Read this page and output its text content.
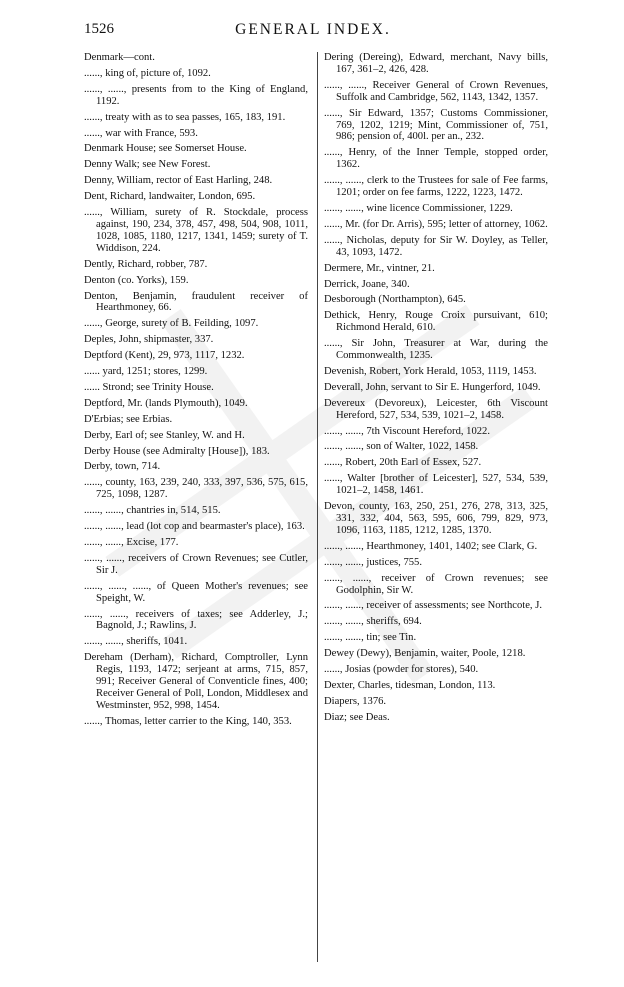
1526	GENERAL INDEX.

Denmark—cont.

......, king of, picture of, 1092.

......, ......, presents from to the King of England, 1192.

......, treaty with as to sea passes, 165, 183, 191.

......, war with France, 593.

Denmark House; see Somerset House.

Denny Walk; see New Forest.

Denny, William, rector of East Harling, 248.

Dent, Richard, landwaiter, London, 695.

......, William, surety of R. Stockdale, process against, 190, 234, 378, 457, 498, 504, 908, 1011, 1028, 1085, 1180, 1217, 1341, 1459; surety of T. Widdison, 224.

Dently, Richard, robber, 787.

Denton (co. Yorks), 159.

Denton, Benjamin, fraudulent receiver of Hearthmoney, 66.

......, George, surety of B. Feilding, 1097.

Deples, John, shipmaster, 337.

Deptford (Kent), 29, 973, 1117, 1232.

...... yard, 1251; stores, 1299.

...... Strond; see Trinity House.

Deptford, Mr. (lands Plymouth), 1049.

D'Erbias; see Erbias.

Derby, Earl of; see Stanley, W. and H.

Derby House (see Admiralty [House]), 183.

Derby, town, 714.

......, county, 163, 239, 240, 333, 397, 536, 575, 615, 725, 1098, 1287.

......, ......, chantries in, 514, 515.

......, ......, lead (lot cop and bearmaster's place), 163.

......, ......, Excise, 177.

......, ......, receivers of Crown Revenues; see Cutler, Sir J.

......, ......, ......, of Queen Mother's revenues; see Speight, W.

......, ......, receivers of taxes; see Adderley, J.; Bagnold, J.; Rawlins, J.

......, ......, sheriffs, 1041.

Dereham (Derham), Richard, Comptroller, Lynn Regis, 1193, 1472; serjeant at arms, 715, 857, 991; Receiver General of Conventicle fines, 400; Receiver General of Poll, London, Middlesex and Westminster, 952, 998, 1454.

......, Thomas, letter carrier to the King, 140, 353.

Dering (Dereing), Edward, merchant, Navy bills, 167, 361–2, 426, 428.

......, ......, Receiver General of Crown Revenues, Suffolk and Cambridge, 562, 1143, 1342, 1357.

......, Sir Edward, 1357; Customs Commissioner, 769, 1202, 1219; Mint, Commissioner of, 751, 986; pension of, 400l. per an., 232.

......, Henry, of the Inner Temple, stopped order, 1362.

......, ......, clerk to the Trustees for sale of Fee farms, 1201; order on fee farms, 1222, 1223, 1472.

......, ......, wine licence Commissioner, 1229.

......, Mr. (for Dr. Arris), 595; letter of attorney, 1062.

......, Nicholas, deputy for Sir W. Doyley, as Teller, 43, 1093, 1472.

Dermere, Mr., vintner, 21.

Derrick, Joane, 340.

Desborough (Northampton), 645.

Dethick, Henry, Rouge Croix pursuivant, 610; Richmond Herald, 610.

......, Sir John, Treasurer at War, during the Commonwealth, 1235.

Devenish, Robert, York Herald, 1053, 1119, 1453.

Deverall, John, servant to Sir E. Hungerford, 1049.

Devereux (Devoreux), Leicester, 6th Viscount Hereford, 527, 534, 539, 1021–2, 1458.

......, ......, 7th Viscount Hereford, 1022.

......, ......, son of Walter, 1022, 1458.

......, Robert, 20th Earl of Essex, 527.

......, Walter [brother of Leicester], 527, 534, 539, 1021–2, 1458, 1461.

Devon, county, 163, 250, 251, 276, 278, 313, 325, 331, 332, 404, 563, 595, 606, 799, 829, 973, 1096, 1163, 1185, 1212, 1285, 1370.

......, ......, Hearthmoney, 1401, 1402; see Clark, G.

......, ......, justices, 755.

......, ......, receiver of Crown revenues; see Godolphin, Sir W.

......, ......, receiver of assessments; see Northcote, J.

......, ......, sheriffs, 694.

......, ......, tin; see Tin.

Dewey (Dewy), Benjamin, waiter, Poole, 1218.

......, Josias (powder for stores), 540.

Dexter, Charles, tidesman, London, 113.

Diapers, 1376.

Diaz; see Deas.
